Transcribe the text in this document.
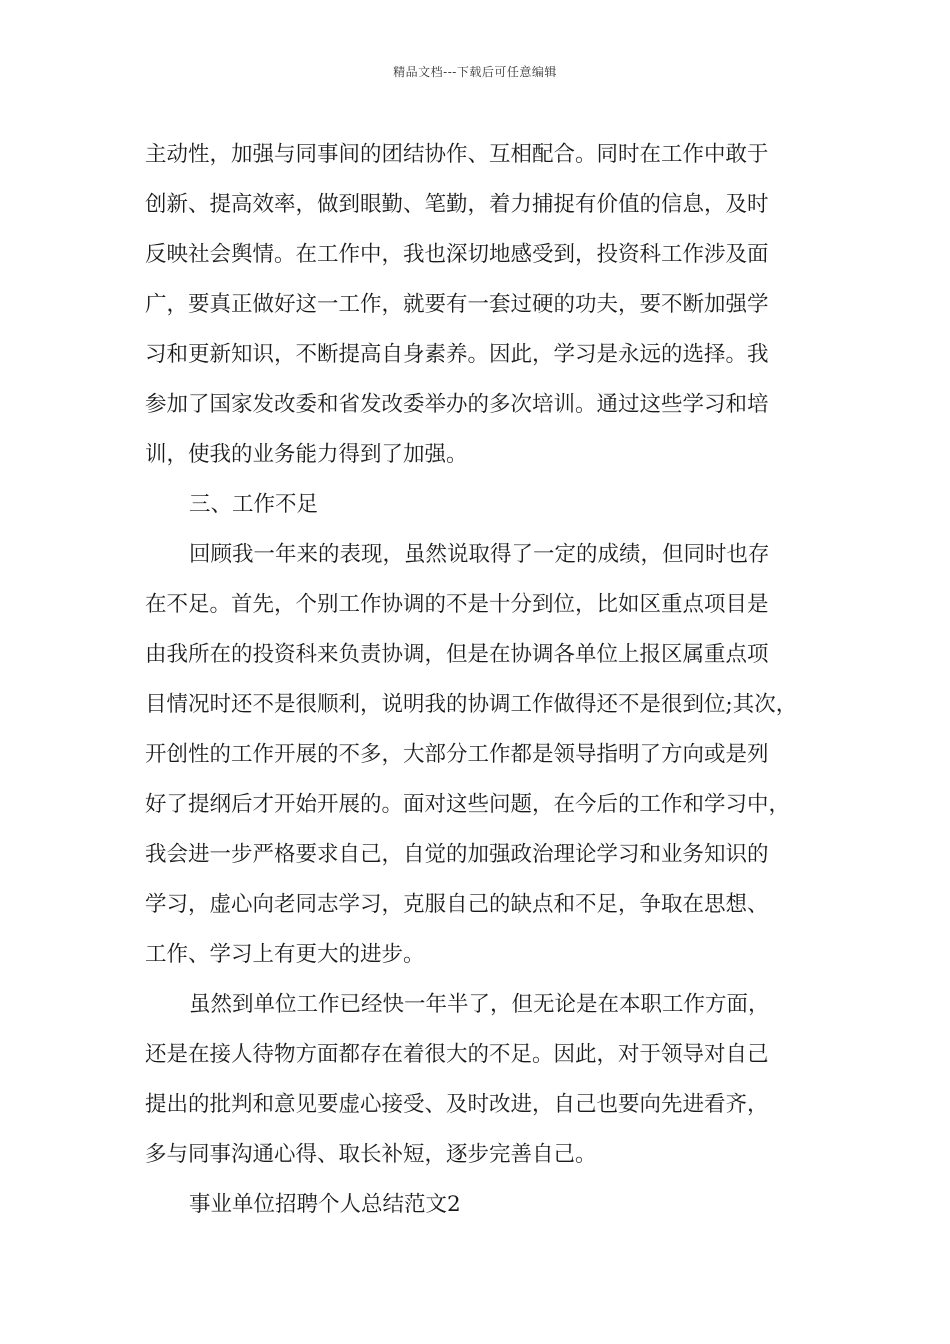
精品文档---下载后可任意编辑
主动性，加强与同事间的团结协作、互相配合。同时在工作中敢于
创新、提高效率，做到眼勤、笔勤，着力捕捉有价值的信息，及时
反映社会舆情。在工作中，我也深切地感受到，投资科工作涉及面
广，要真正做好这一工作，就要有一套过硬的功夫，要不断加强学
习和更新知识，不断提高自身素养。因此，学习是永远的选择。我
参加了国家发改委和省发改委举办的多次培训。通过这些学习和培
训，使我的业务能力得到了加强。
三、工作不足
回顾我一年来的表现，虽然说取得了一定的成绩，但同时也存
在不足。首先，个别工作协调的不是十分到位，比如区重点项目是
由我所在的投资科来负责协调，但是在协调各单位上报区属重点项
目情况时还不是很顺利，说明我的协调工作做得还不是很到位;其次，
开创性的工作开展的不多，大部分工作都是领导指明了方向或是列
好了提纲后才开始开展的。面对这些问题，在今后的工作和学习中，
我会进一步严格要求自己，自觉的加强政治理论学习和业务知识的
学习，虚心向老同志学习，克服自己的缺点和不足，争取在思想、
工作、学习上有更大的进步。
虽然到单位工作已经快一年半了，但无论是在本职工作方面，
还是在接人待物方面都存在着很大的不足。因此，对于领导对自己
提出的批判和意见要虚心接受、及时改进，自己也要向先进看齐，
多与同事沟通心得、取长补短，逐步完善自己。
事业单位招聘个人总结范文2
